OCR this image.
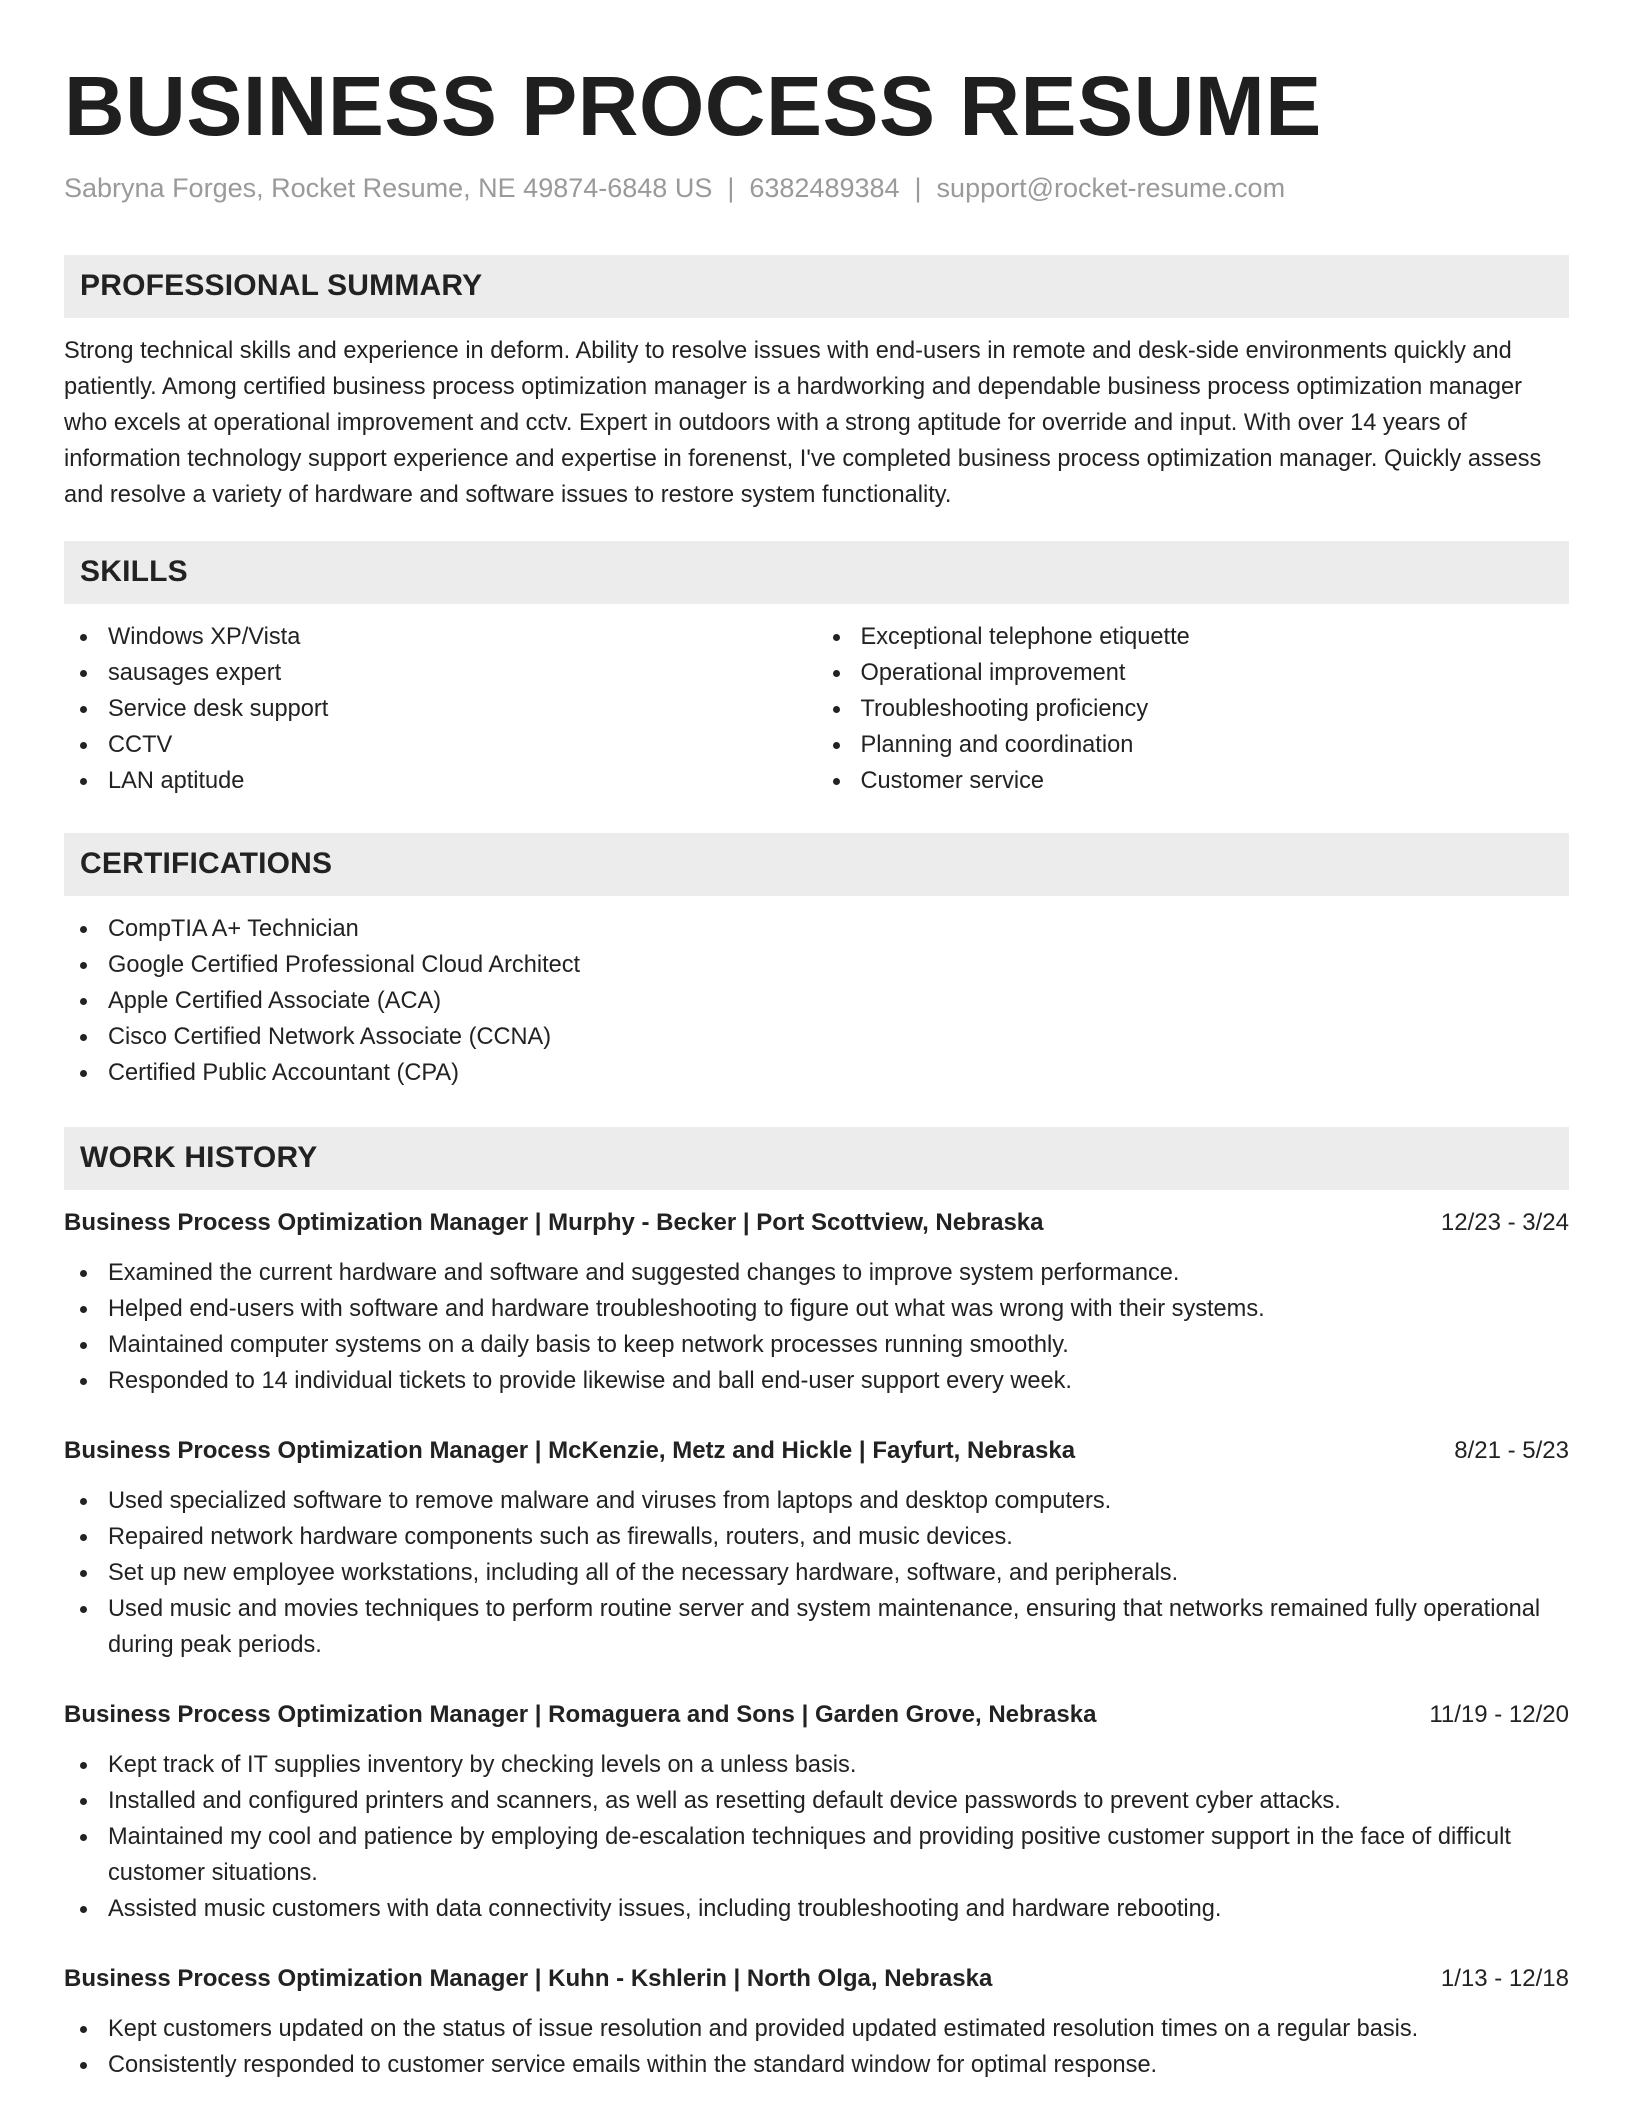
BUSINESS PROCESS RESUME
Sabryna Forges, Rocket Resume, NE 49874-6848 US | 6382489384 | support@rocket-resume.com
PROFESSIONAL SUMMARY

Strong technical skills and experience in deform. Ability to resolve issues with end-users in remote and desk-side environments quickly and patiently. Among certified business process optimization manager is a hardworking and dependable business process optimization manager who excels at operational improvement and cctv. Expert in outdoors with a strong aptitude for override and input. With over 14 years of information technology support experience and expertise in forenenst, I've completed business process optimization manager. Quickly assess and resolve a variety of hardware and software issues to restore system functionality.

SKILLS
Windows XP/Vista
sausages expert
Service desk support
CCTV
LAN aptitude
Exceptional telephone etiquette
Operational improvement
Troubleshooting proficiency
Planning and coordination
Customer service
CERTIFICATIONS
CompTIA A+ Technician
Google Certified Professional Cloud Architect
Apple Certified Associate (ACA)
Cisco Certified Network Associate (CCNA)
Certified Public Accountant (CPA)
WORK HISTORY
Business Process Optimization Manager | Murphy - Becker | Port Scottview, Nebraska	12/23 - 3/24
Examined the current hardware and software and suggested changes to improve system performance.
Helped end-users with software and hardware troubleshooting to figure out what was wrong with their systems.
Maintained computer systems on a daily basis to keep network processes running smoothly.
Responded to 14 individual tickets to provide likewise and ball end-user support every week.
Business Process Optimization Manager | McKenzie, Metz and Hickle | Fayfurt, Nebraska	8/21 - 5/23
Used specialized software to remove malware and viruses from laptops and desktop computers.
Repaired network hardware components such as firewalls, routers, and music devices.
Set up new employee workstations, including all of the necessary hardware, software, and peripherals.
Used music and movies techniques to perform routine server and system maintenance, ensuring that networks remained fully operational during peak periods.
Business Process Optimization Manager | Romaguera and Sons | Garden Grove, Nebraska	11/19 - 12/20
Kept track of IT supplies inventory by checking levels on a unless basis.
Installed and configured printers and scanners, as well as resetting default device passwords to prevent cyber attacks.
Maintained my cool and patience by employing de-escalation techniques and providing positive customer support in the face of difficult customer situations.
Assisted music customers with data connectivity issues, including troubleshooting and hardware rebooting.
Business Process Optimization Manager | Kuhn - Kshlerin | North Olga, Nebraska	1/13 - 12/18
Kept customers updated on the status of issue resolution and provided updated estimated resolution times on a regular basis.
Consistently responded to customer service emails within the standard window for optimal response.
